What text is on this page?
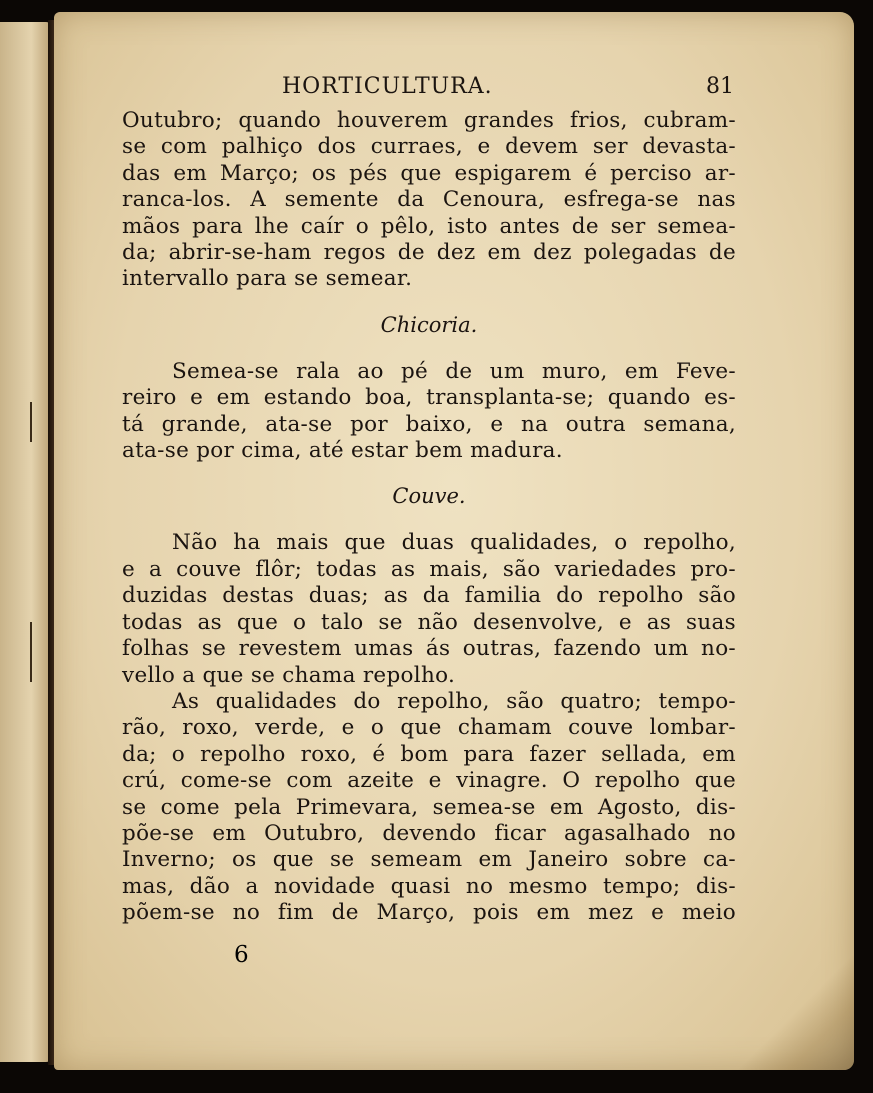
HORTICULTURA.	81
Outubro; quando houverem grandes frios, cubram-
se com palhiço dos curraes, e devem ser devasta-
das em Março; os pés que espigarem é perciso ar-
ranca-los. A semente da Cenoura, esfrega-se nas
mãos para lhe caír o pêlo, isto antes de ser semea-
da; abrir-se-ham regos de dez em dez polegadas de
intervallo para se semear.
Chicoria.
Semea-se rala ao pé de um muro, em Feve-
reiro e em estando boa, transplanta-se; quando es-
tá grande, ata-se por baixo, e na outra semana,
ata-se por cima, até estar bem madura.
Couve.
Não ha mais que duas qualidades, o repolho,
e a couve flôr; todas as mais, são variedades pro-
duzidas destas duas; as da familia do repolho são
todas as que o talo se não desenvolve, e as suas
folhas se revestem umas ás outras, fazendo um no-
vello a que se chama repolho.
As qualidades do repolho, são quatro; tempo-
rão, roxo, verde, e o que chamam couve lombar-
da; o repolho roxo, é bom para fazer sellada, em
crú, come-se com azeite e vinagre. O repolho que
se come pela Primevara, semea-se em Agosto, dis-
põe-se em Outubro, devendo ficar agasalhado no
Inverno; os que se semeam em Janeiro sobre ca-
mas, dão a novidade quasi no mesmo tempo; dis-
põem-se no fim de Março, pois em mez e meio
6
